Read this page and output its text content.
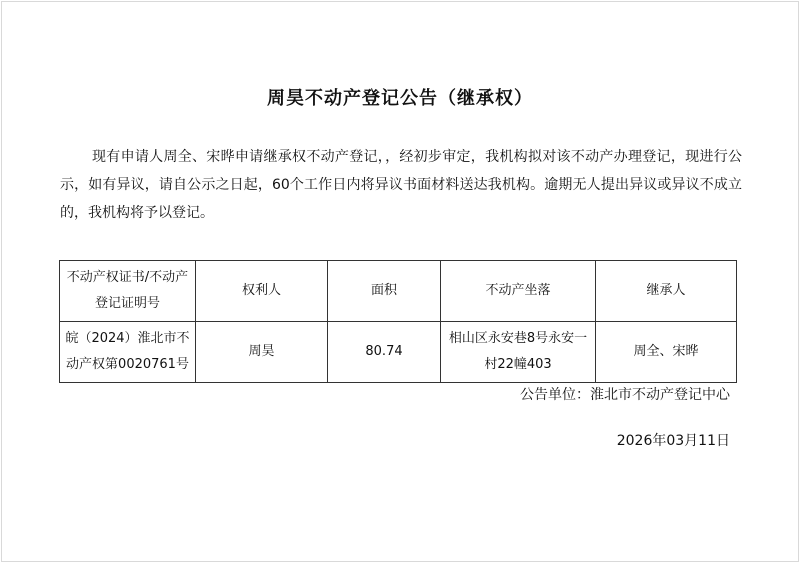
周昊不动产登记公告（继承权）

现有申请人周全、宋晔申请继承权不动产登记，，经初步审定，我机构拟对该不动产办理登记，现进行公示，如有异议，请自公示之日起，60个工作日内将异议书面材料送达我机构。逾期无人提出异议或异议不成立的，我机构将予以登记。

不动产权证书/不动产登记证明号	权利人	面积	不动产坐落	继承人
皖（2024）淮北市不动产权第0020761号	周昊	80.74	相山区永安巷8号永安一村22幢403	周全、宋晔
公告单位：淮北市不动产登记中心
2026年03月11日
